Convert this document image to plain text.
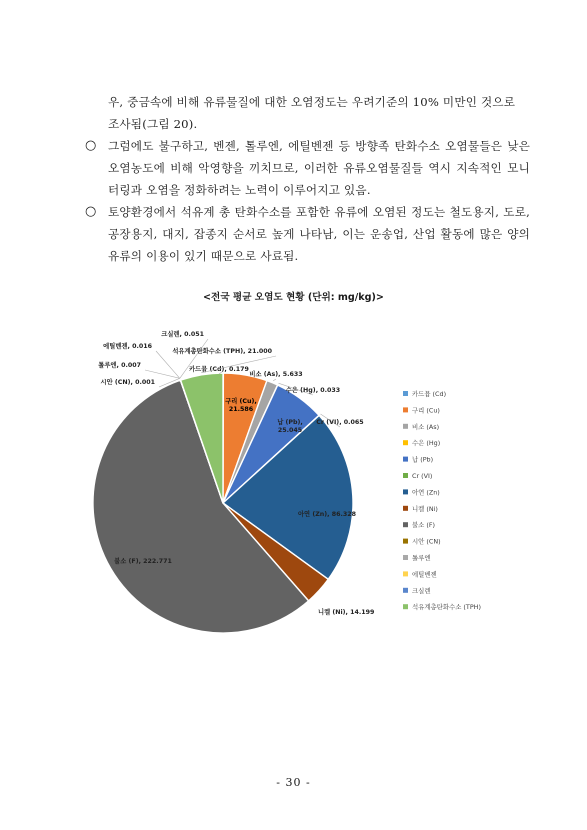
우, 중금속에 비해 유류물질에 대한 오염정도는 우려기준의 10% 미만인 것으로 조사됨(그림 20).
○ 그럼에도 불구하고, 벤젠, 톨루엔, 에틸벤젠 등 방향족 탄화수소 오염물들은 낮은 오염농도에 비해 악영향을 끼치므로, 이러한 유류오염물질들 역시 지속적인 모니터링과 오염을 정화하려는 노력이 이루어지고 있음.
○ 토양환경에서 석유계 총 탄화수소를 포함한 유류에 오염된 정도는 철도용지, 도로, 공장용지, 대지, 잡종지 순서로 높게 나타남, 이는 운송업, 산업 활동에 많은 양의 유류의 이용이 있기 때문으로 사료됨.
<전국 평균 오염도 현황 (단위: mg/kg)>
카드뮴 (Cd), 0.179
구리 (Cu), 21.586
비소 (As), 5.633
수은 (Hg), 0.033
납 (Pb), 25.045
Cr (VI), 0.065
아연 (Zn), 86.328
니켈 (Ni), 14.199
불소 (F), 222.771
시안 (CN), 0.001
톨루엔, 0.007
에틸벤젠, 0.016
크실렌, 0.051
석유계총탄화수소 (TPH), 21.000
카드뮴 (Cd)
구리 (Cu)
비소 (As)
수은 (Hg)
납 (Pb)
Cr (VI)
아연 (Zn)
니켈 (Ni)
불소 (F)
시안 (CN)
톨루엔
에틸벤젠
크실렌
석유계총탄화수소 (TPH)
- 30 -
